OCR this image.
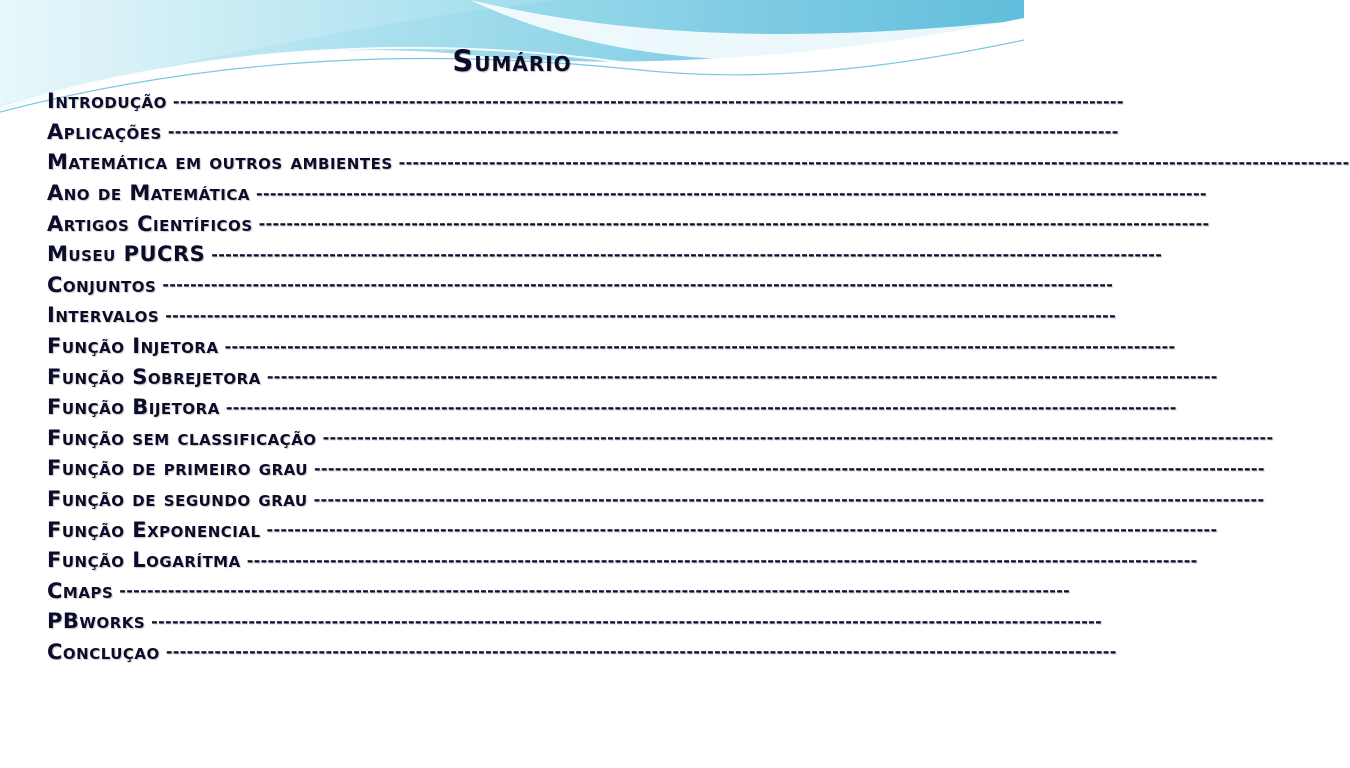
Sumário
Introdução -----------------------------------------------------------------------------------------------------------------------------------------
Aplicações -----------------------------------------------------------------------------------------------------------------------------------------
Matemática em outros ambientes -----------------------------------------------------------------------------------------------------------------------------------------
Ano de Matemática -----------------------------------------------------------------------------------------------------------------------------------------
Artigos Científicos -----------------------------------------------------------------------------------------------------------------------------------------
Museu PUCRS -----------------------------------------------------------------------------------------------------------------------------------------
Conjuntos -----------------------------------------------------------------------------------------------------------------------------------------
Intervalos -----------------------------------------------------------------------------------------------------------------------------------------
Função Injetora -----------------------------------------------------------------------------------------------------------------------------------------
Função Sobrejetora -----------------------------------------------------------------------------------------------------------------------------------------
Função Bijetora -----------------------------------------------------------------------------------------------------------------------------------------
Função sem classificação -----------------------------------------------------------------------------------------------------------------------------------------
Função de primeiro grau -----------------------------------------------------------------------------------------------------------------------------------------
Função de segundo grau -----------------------------------------------------------------------------------------------------------------------------------------
Função Exponencial -----------------------------------------------------------------------------------------------------------------------------------------
Função Logarítma -----------------------------------------------------------------------------------------------------------------------------------------
Cmaps -----------------------------------------------------------------------------------------------------------------------------------------
PBworks -----------------------------------------------------------------------------------------------------------------------------------------
Concluçao -----------------------------------------------------------------------------------------------------------------------------------------
